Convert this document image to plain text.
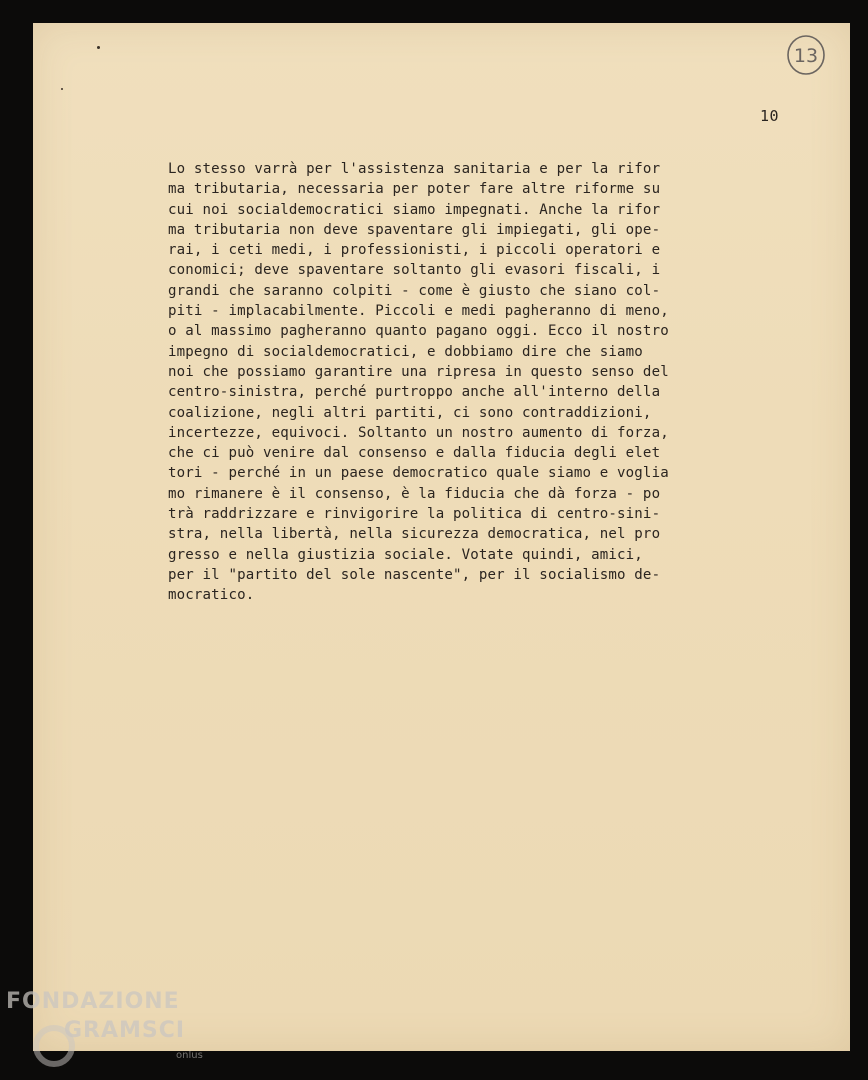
13
10
Lo stesso varrà per l'assistenza sanitaria e per la rifor
ma tributaria, necessaria per poter fare altre riforme su
cui noi socialdemocratici siamo impegnati. Anche la rifor
ma tributaria non deve spaventare gli impiegati, gli ope-
rai, i ceti medi, i professionisti, i piccoli operatori e
conomici; deve spaventare soltanto gli evasori fiscali, i
grandi che saranno colpiti - come è giusto che siano col-
piti - implacabilmente. Piccoli e medi pagheranno di meno,
o al massimo pagheranno quanto pagano oggi. Ecco il nostro
impegno di socialdemocratici, e dobbiamo dire che siamo
noi che possiamo garantire una ripresa in questo senso del
centro-sinistra, perché purtroppo anche all'interno della
coalizione, negli altri partiti, ci sono contraddizioni,
incertezze, equivoci. Soltanto un nostro aumento di forza,
che ci può venire dal consenso e dalla fiducia degli elet
tori - perché in un paese democratico quale siamo e voglia
mo rimanere è il consenso, è la fiducia che dà forza - po
trà raddrizzare e rinvigorire la politica di centro-sini-
stra, nella libertà, nella sicurezza democratica, nel pro
gresso e nella giustizia sociale. Votate quindi, amici,
per il "partito del sole nascente", per il socialismo de-
mocratico.
FONDAZIONE
GRAMSCI
onlus
